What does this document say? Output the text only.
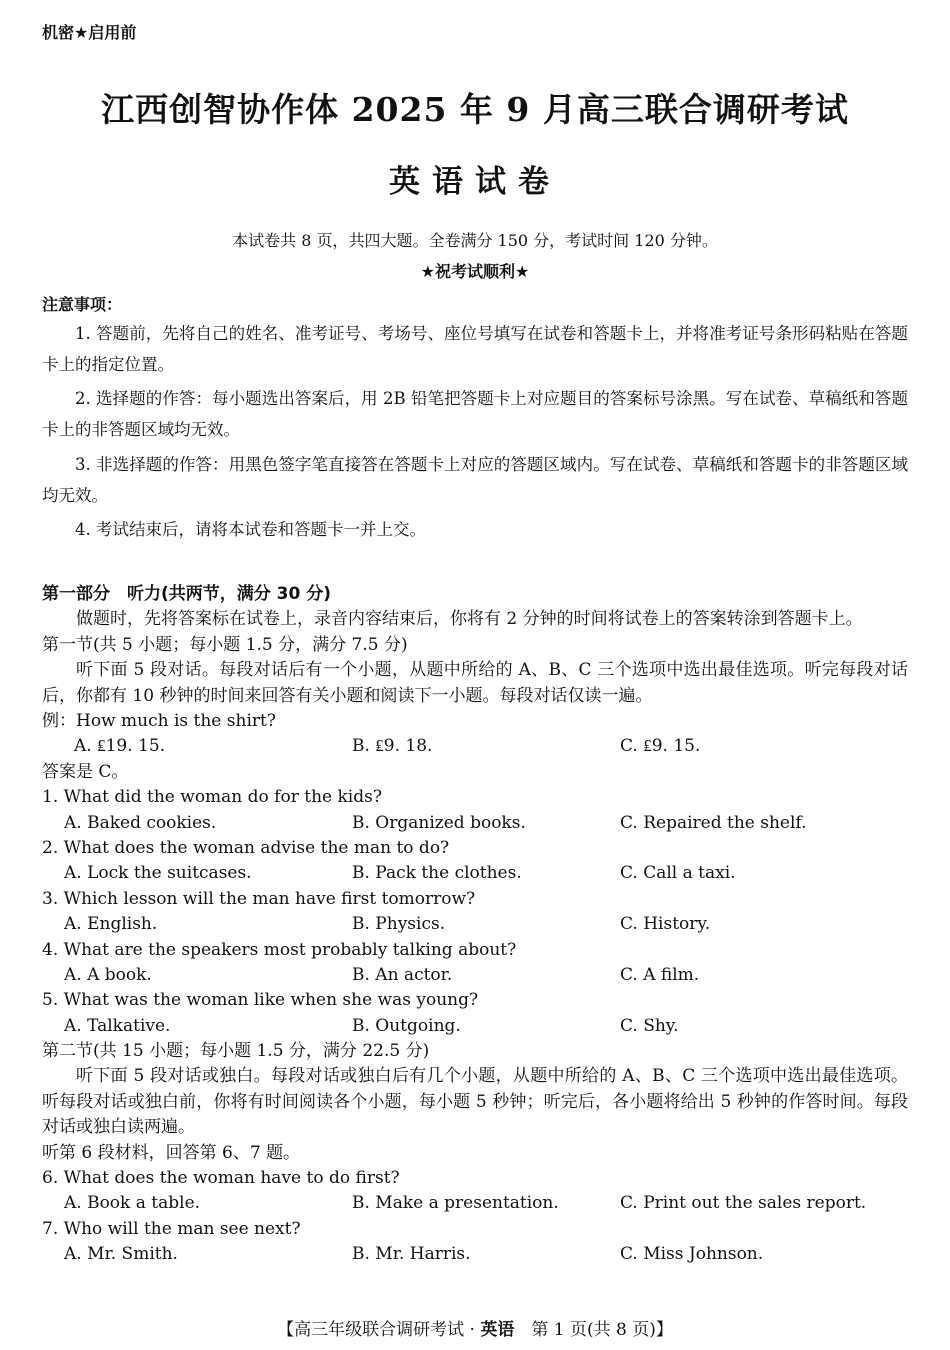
机密★启用前
江西创智协作体 2025 年 9 月高三联合调研考试
英语试卷
本试卷共 8 页，共四大题。全卷满分 150 分，考试时间 120 分钟。
★祝考试顺利★
注意事项：
1. 答题前，先将自己的姓名、准考证号、考场号、座位号填写在试卷和答题卡上，并将准考证号条形码粘贴在答题卡上的指定位置。
2. 选择题的作答：每小题选出答案后，用 2B 铅笔把答题卡上对应题目的答案标号涂黑。写在试卷、草稿纸和答题卡上的非答题区域均无效。
3. 非选择题的作答：用黑色签字笔直接答在答题卡上对应的答题区域内。写在试卷、草稿纸和答题卡的非答题区域均无效。
4. 考试结束后，请将本试卷和答题卡一并上交。
第一部分　听力(共两节，满分 30 分)
做题时，先将答案标在试卷上，录音内容结束后，你将有 2 分钟的时间将试卷上的答案转涂到答题卡上。
第一节(共 5 小题；每小题 1.5 分，满分 7.5 分)
听下面 5 段对话。每段对话后有一个小题，从题中所给的 A、B、C 三个选项中选出最佳选项。听完每段对话后，你都有 10 秒钟的时间来回答有关小题和阅读下一小题。每段对话仅读一遍。
例：How much is the shirt?
A. ₤19. 15.	B. ₤9. 18.	C. ₤9. 15.
答案是 C。
1. What did the woman do for the kids?
A. Baked cookies.	B. Organized books.	C. Repaired the shelf.
2. What does the woman advise the man to do?
A. Lock the suitcases.	B. Pack the clothes.	C. Call a taxi.
3. Which lesson will the man have first tomorrow?
A. English.	B. Physics.	C. History.
4. What are the speakers most probably talking about?
A. A book.	B. An actor.	C. A film.
5. What was the woman like when she was young?
A. Talkative.	B. Outgoing.	C. Shy.
第二节(共 15 小题；每小题 1.5 分，满分 22.5 分)
听下面 5 段对话或独白。每段对话或独白后有几个小题，从题中所给的 A、B、C 三个选项中选出最佳选项。听每段对话或独白前，你将有时间阅读各个小题，每小题 5 秒钟；听完后，各小题将给出 5 秒钟的作答时间。每段对话或独白读两遍。
听第 6 段材料，回答第 6、7 题。
6. What does the woman have to do first?
A. Book a table.	B. Make a presentation.	C. Print out the sales report.
7. Who will the man see next?
A. Mr. Smith.	B. Mr. Harris.	C. Miss Johnson.
【高三年级联合调研考试 · 英语　第 1 页(共 8 页)】
